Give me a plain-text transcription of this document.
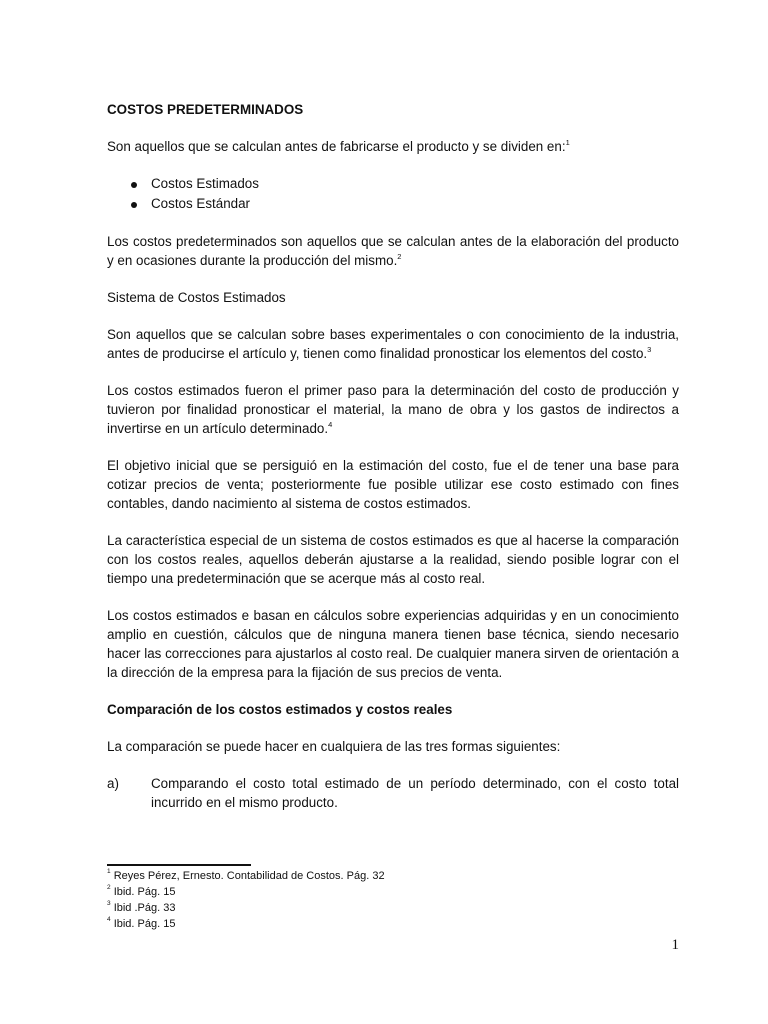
COSTOS PREDETERMINADOS

Son aquellos que se calculan antes de fabricarse el producto y se dividen en:$^1$

Costos Estimados
Costos Estándar

Los costos predeterminados son aquellos que se calculan antes de la elaboración del producto y en ocasiones durante la producción del mismo.$^2$

Sistema de Costos Estimados

Son aquellos que se calculan sobre bases experimentales o con conocimiento de la industria, antes de producirse el artículo y, tienen como finalidad pronosticar los elementos del costo.$^3$

Los costos estimados fueron el primer paso para la determinación del costo de producción y tuvieron por finalidad pronosticar el material, la mano de obra y los gastos de indirectos a invertirse en un artículo determinado.$^4$

El objetivo inicial que se persiguió en la estimación del costo, fue el de tener una base para cotizar precios de venta; posteriormente fue posible utilizar ese costo estimado con fines contables, dando nacimiento al sistema de costos estimados.

La característica especial de un sistema de costos estimados es que al hacerse la comparación con los costos reales, aquellos deberán ajustarse a la realidad, siendo posible lograr con el tiempo una predeterminación que se acerque más al costo real.

Los costos estimados e basan en cálculos sobre experiencias adquiridas y en un conocimiento amplio en cuestión, cálculos que de ninguna manera tienen base técnica, siendo necesario hacer las correcciones para ajustarlos al costo real. De cualquier manera sirven de orientación a la dirección de la empresa para la fijación de sus precios de venta.

Comparación de los costos estimados y costos reales

La comparación se puede hacer en cualquiera de las tres formas siguientes:

a) Comparando el costo total estimado de un período determinado, con el costo total incurrido en el mismo producto.

$^1$ Reyes Pérez, Ernesto. Contabilidad de Costos. Pág. 32
$^2$ Ibid. Pág. 15
$^3$ Ibid .Pág. 33
$^4$ Ibid. Pág. 15
1
